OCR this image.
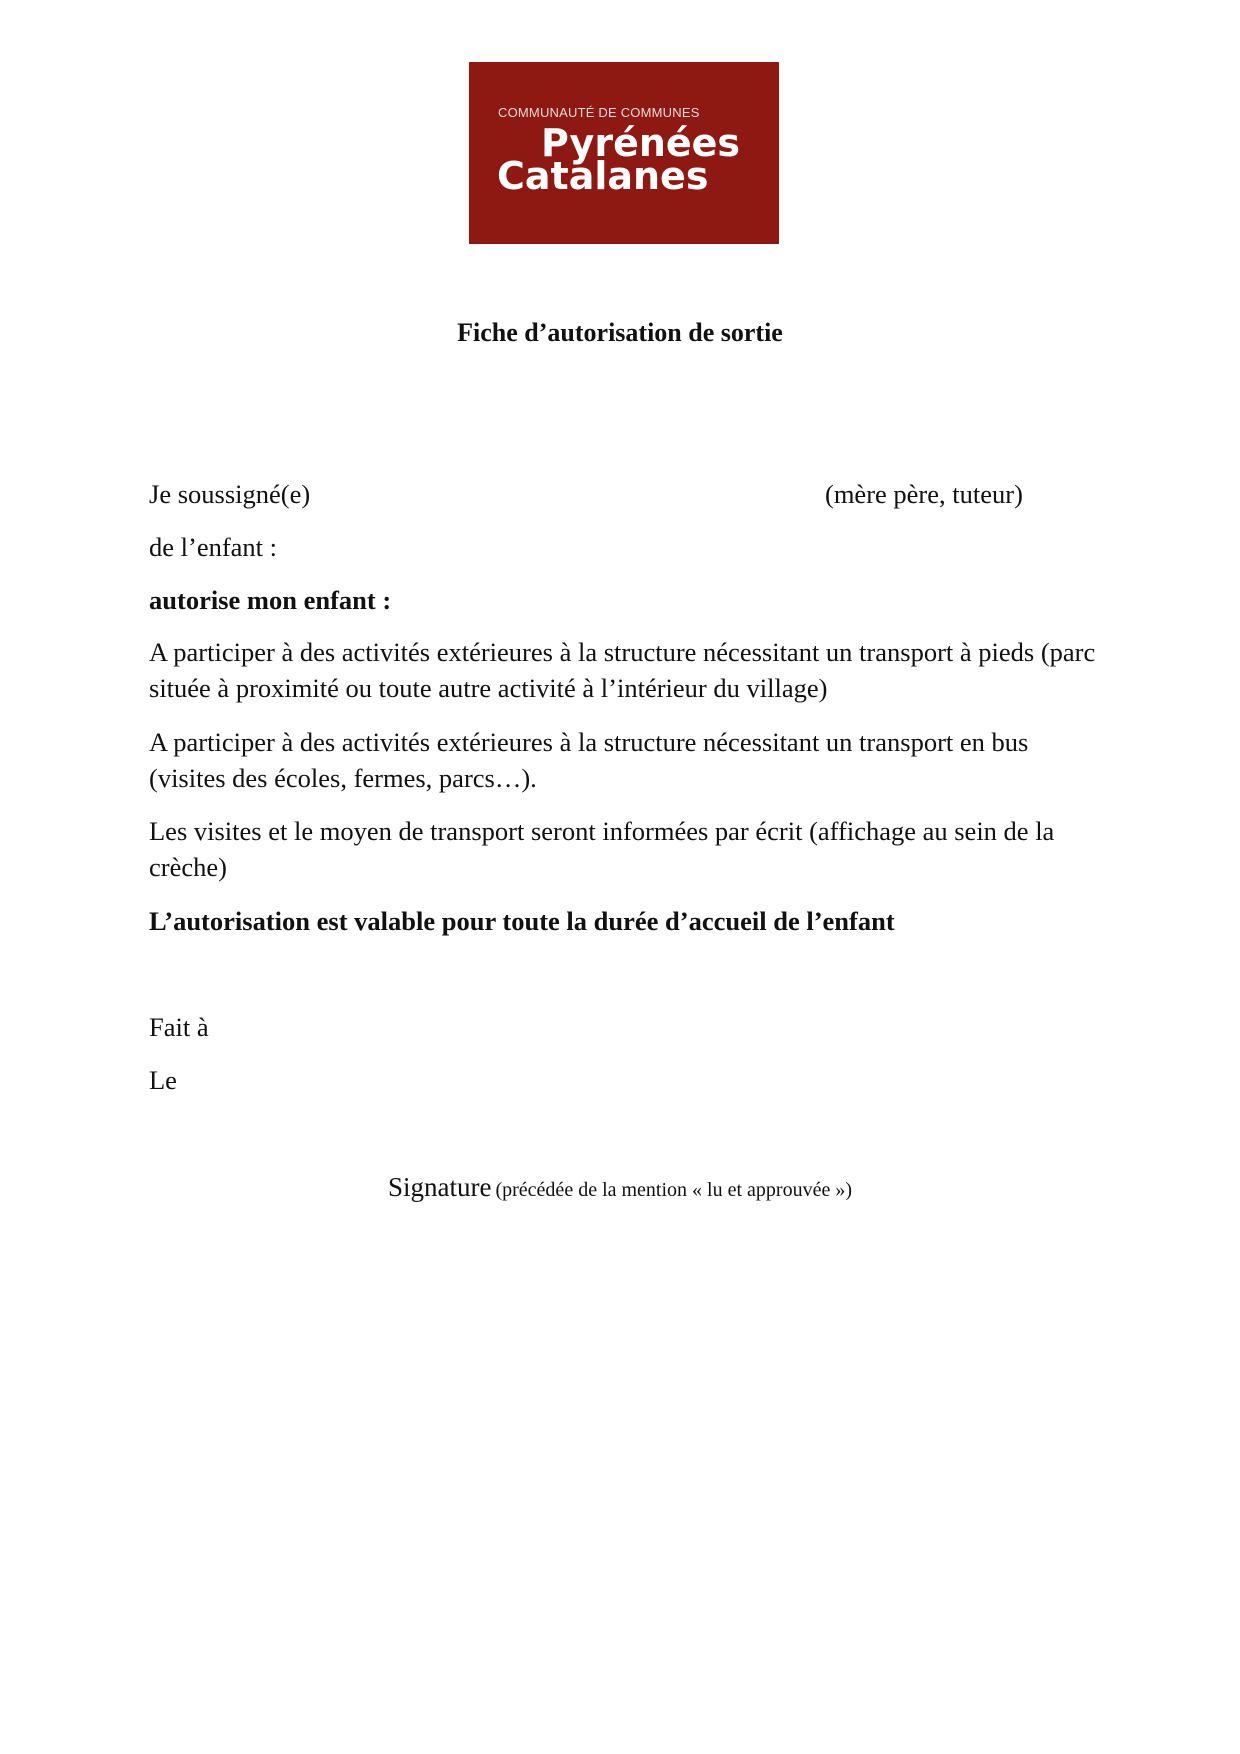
COMMUNAUTÉ DE COMMUNES
Pyrénées
Catalanes
Fiche d’autorisation de sortie

Je soussigné(e)	(mère père, tuteur)

de l’enfant :

autorise mon enfant :

A participer à des activités extérieures à la structure nécessitant un transport à pieds (parc située à proximité ou toute autre activité à l’intérieur du village)

A participer à des activités extérieures à la structure nécessitant un transport en bus (visites des écoles, fermes, parcs…).

Les visites et le moyen de transport seront informées par écrit (affichage au sein de la crèche)

L’autorisation est valable pour toute la durée d’accueil de l’enfant

Fait à

Le

Signature (précédée de la mention « lu et approuvée »)
